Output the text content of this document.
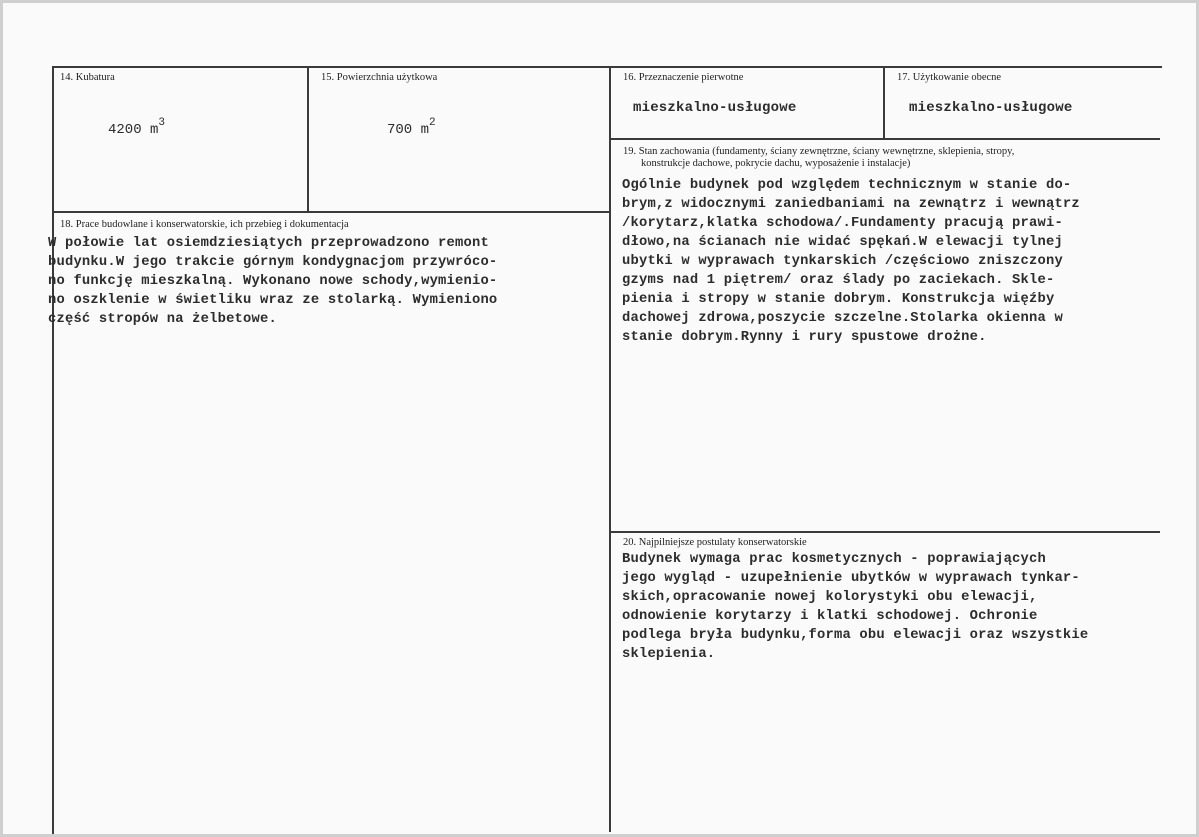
14. Kubatura
4200 $m^3$
15. Powierzchnia użytkowa
700 $m^2$
16. Przeznaczenie pierwotne
mieszkalno-usługowe
17. Użytkowanie obecne
mieszkalno-usługowe
18. Prace budowlane i konserwatorskie, ich przebieg i dokumentacja
W połowie lat osiemdziesiątych przeprowadzono remont
budynku.W jego trakcie górnym kondygnacjom przywróco-
no funkcję mieszkalną. Wykonano nowe schody,wymienio-
no oszklenie w świetliku wraz ze stolarką. Wymieniono
część stropów na żelbetowe.
19. Stan zachowania (fundamenty, ściany zewnętrzne, ściany wewnętrzne, sklepienia, stropy,
konstrukcje dachowe, pokrycie dachu, wyposażenie i instalacje)
Ogólnie budynek pod względem technicznym w stanie do-
brym,z widocznymi zaniedbaniami na zewnątrz i wewnątrz
/korytarz,klatka schodowa/.Fundamenty pracują prawi-
dłowo,na ścianach nie widać spękań.W elewacji tylnej
ubytki w wyprawach tynkarskich /częściowo zniszczony
gzyms nad 1 piętrem/ oraz ślady po zaciekach. Skle-
pienia i stropy w stanie dobrym. Konstrukcja więźby
dachowej zdrowa,poszycie szczelne.Stolarka okienna w
stanie dobrym.Rynny i rury spustowe drożne.
20. Najpilniejsze postulaty konserwatorskie
Budynek wymaga prac kosmetycznych - poprawiających
jego wygląd - uzupełnienie ubytków w wyprawach tynkar-
skich,opracowanie nowej kolorystyki obu elewacji,
odnowienie korytarzy i klatki schodowej. Ochronie
podlega bryła budynku,forma obu elewacji oraz wszystkie
sklepienia.
